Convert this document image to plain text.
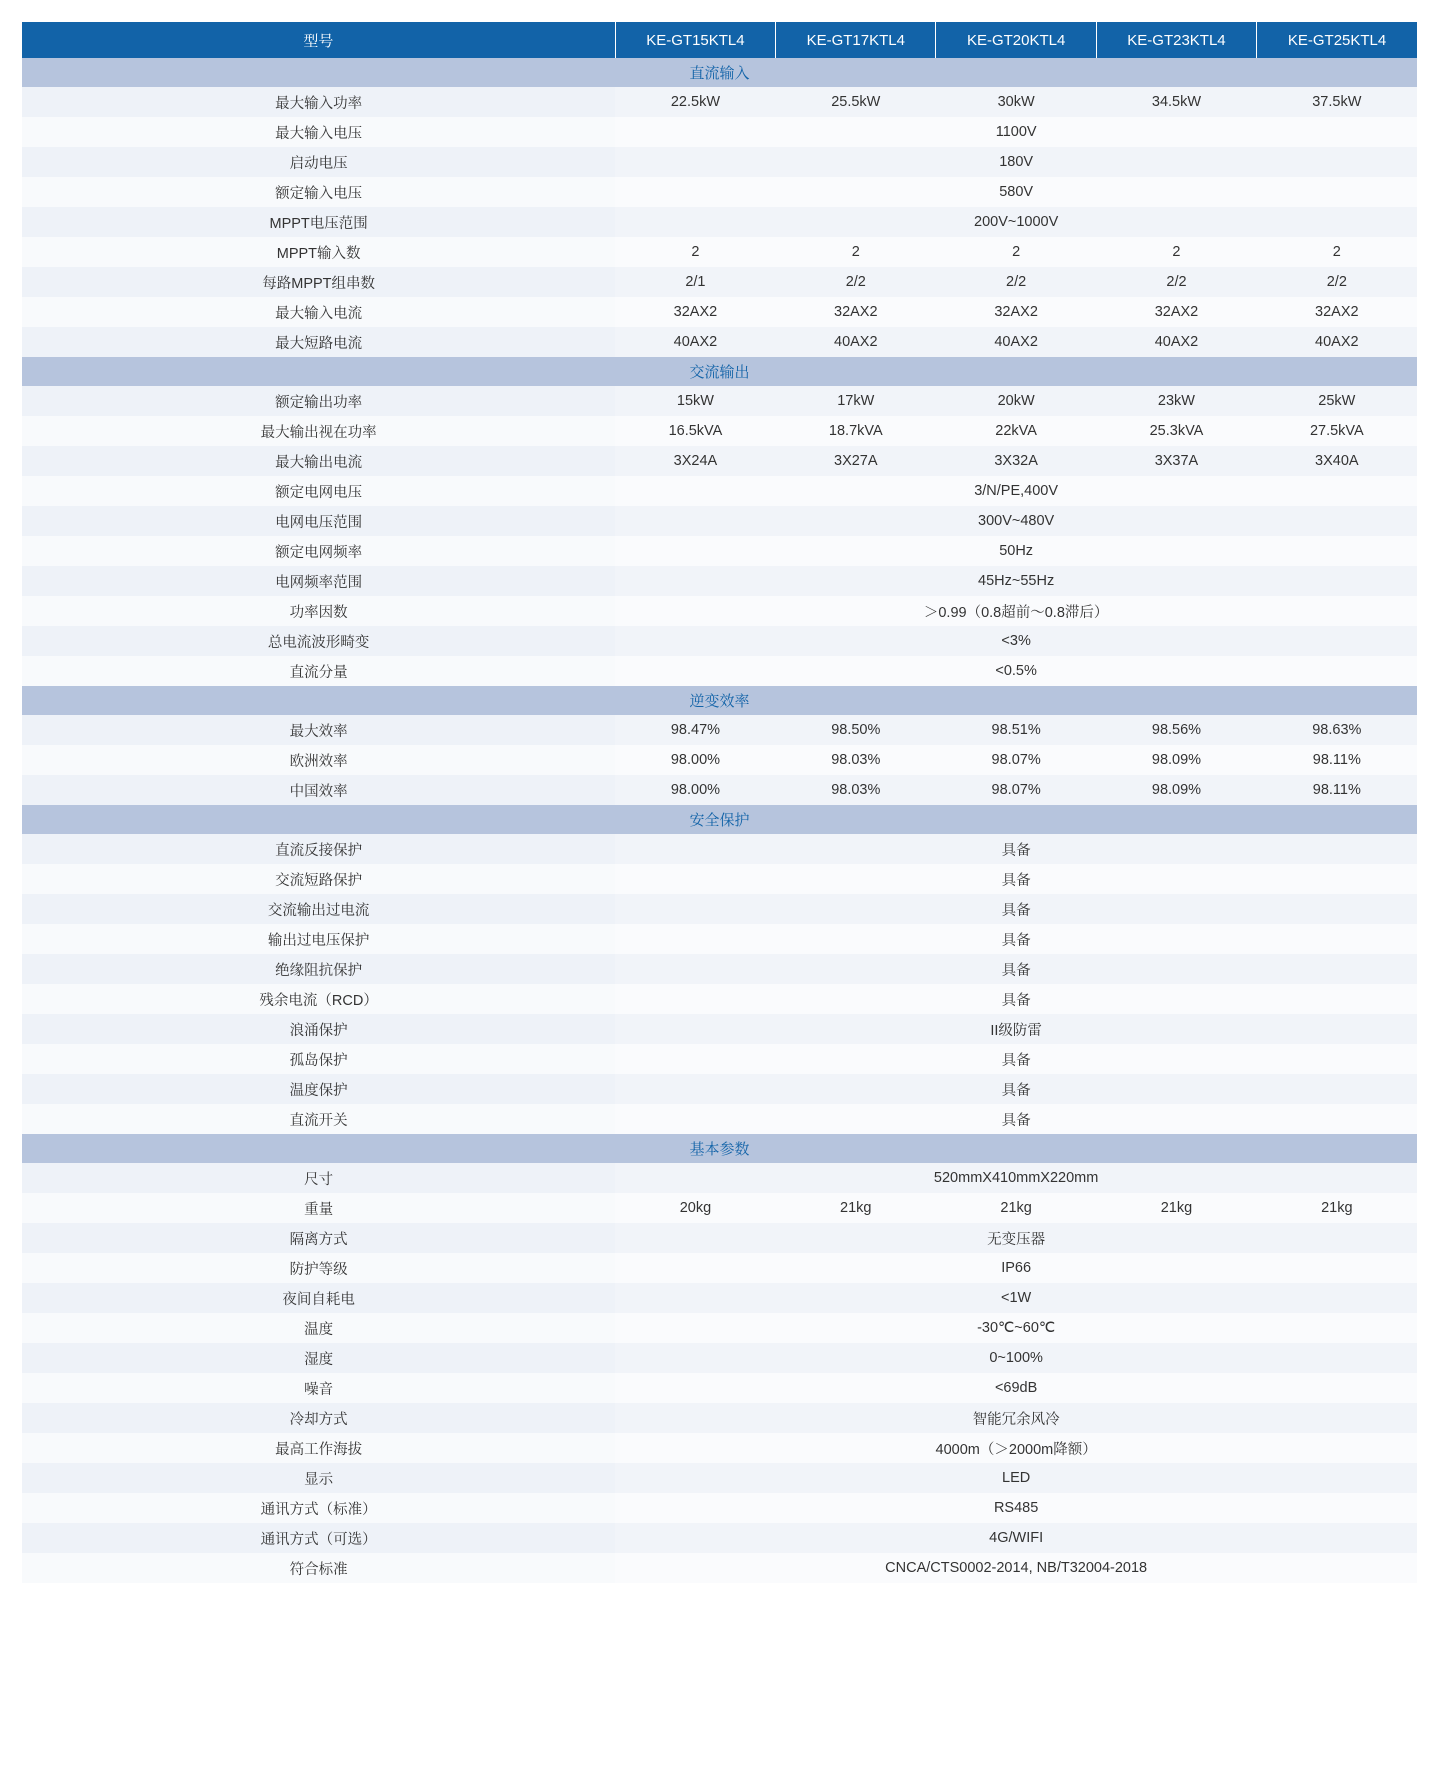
型号	KE-GT15KTL4	KE-GT17KTL4	KE-GT20KTL4	KE-GT23KTL4	KE-GT25KTL4
直流输入					
最大输入功率	22.5kW	25.5kW	30kW	34.5kW	37.5kW
最大输入电压	1100V				
启动电压	180V				
额定输入电压	580V				
MPPT电压范围	200V~1000V				
MPPT输入数	2	2	2	2	2
每路MPPT组串数	2/1	2/2	2/2	2/2	2/2
最大输入电流	32AX2	32AX2	32AX2	32AX2	32AX2
最大短路电流	40AX2	40AX2	40AX2	40AX2	40AX2
交流输出					
额定输出功率	15kW	17kW	20kW	23kW	25kW
最大输出视在功率	16.5kVA	18.7kVA	22kVA	25.3kVA	27.5kVA
最大输出电流	3X24A	3X27A	3X32A	3X37A	3X40A
额定电网电压	3/N/PE,400V				
电网电压范围	300V~480V				
额定电网频率	50Hz				
电网频率范围	45Hz~55Hz				
功率因数	＞0.99（0.8超前～0.8滞后）				
总电流波形畸变	<3%				
直流分量	<0.5%				
逆变效率					
最大效率	98.47%	98.50%	98.51%	98.56%	98.63%
欧洲效率	98.00%	98.03%	98.07%	98.09%	98.11%
中国效率	98.00%	98.03%	98.07%	98.09%	98.11%
安全保护					
直流反接保护	具备				
交流短路保护	具备				
交流输出过电流	具备				
输出过电压保护	具备				
绝缘阻抗保护	具备				
残余电流（RCD）	具备				
浪涌保护	II级防雷				
孤岛保护	具备				
温度保护	具备				
直流开关	具备				
基本参数					
尺寸	520mmX410mmX220mm				
重量	20kg	21kg	21kg	21kg	21kg
隔离方式	无变压器				
防护等级	IP66				
夜间自耗电	<1W				
温度	-30℃~60℃				
湿度	0~100%				
噪音	<69dB				
冷却方式	智能冗余风冷				
最高工作海拔	4000m（＞2000m降额）				
显示	LED				
通讯方式（标准）	RS485				
通讯方式（可选）	4G/WIFI				
符合标准	CNCA/CTS0002-2014, NB/T32004-2018				
